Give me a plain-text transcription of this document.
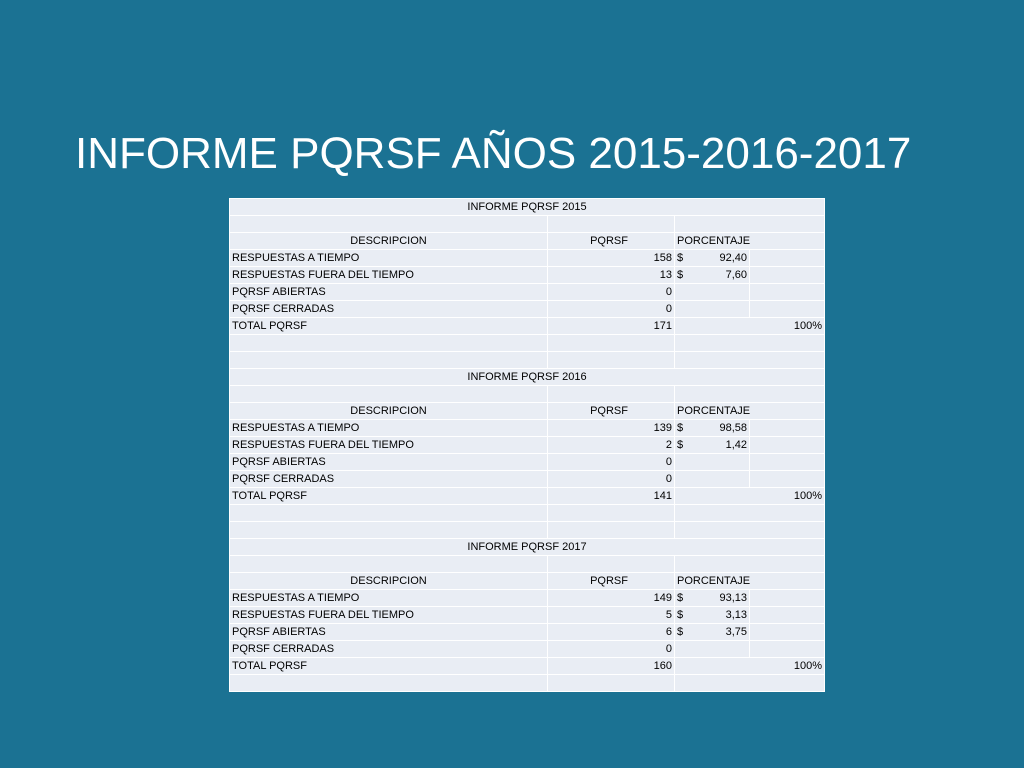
INFORME PQRSF AÑOS 2015-2016-2017
INFORME PQRSF 2015
DESCRIPCION	PQRSF	PORCENTAJE
RESPUESTAS A TIEMPO	158 $	92,40
RESPUESTAS FUERA DEL TIEMPO	13 $	7,60
PQRSF ABIERTAS	0
PQRSF CERRADAS	0
TOTAL PQRSF	171	100%
INFORME PQRSF 2016
DESCRIPCION	PQRSF	PORCENTAJE
RESPUESTAS A TIEMPO	139 $	98,58
RESPUESTAS FUERA DEL TIEMPO	2 $	1,42
PQRSF ABIERTAS	0
PQRSF CERRADAS	0
TOTAL PQRSF	141	100%
INFORME PQRSF 2017
DESCRIPCION	PQRSF	PORCENTAJE
RESPUESTAS A TIEMPO	149 $	93,13
RESPUESTAS FUERA DEL TIEMPO	5 $	3,13
PQRSF ABIERTAS	6 $	3,75
PQRSF CERRADAS	0
TOTAL PQRSF	160	100%
